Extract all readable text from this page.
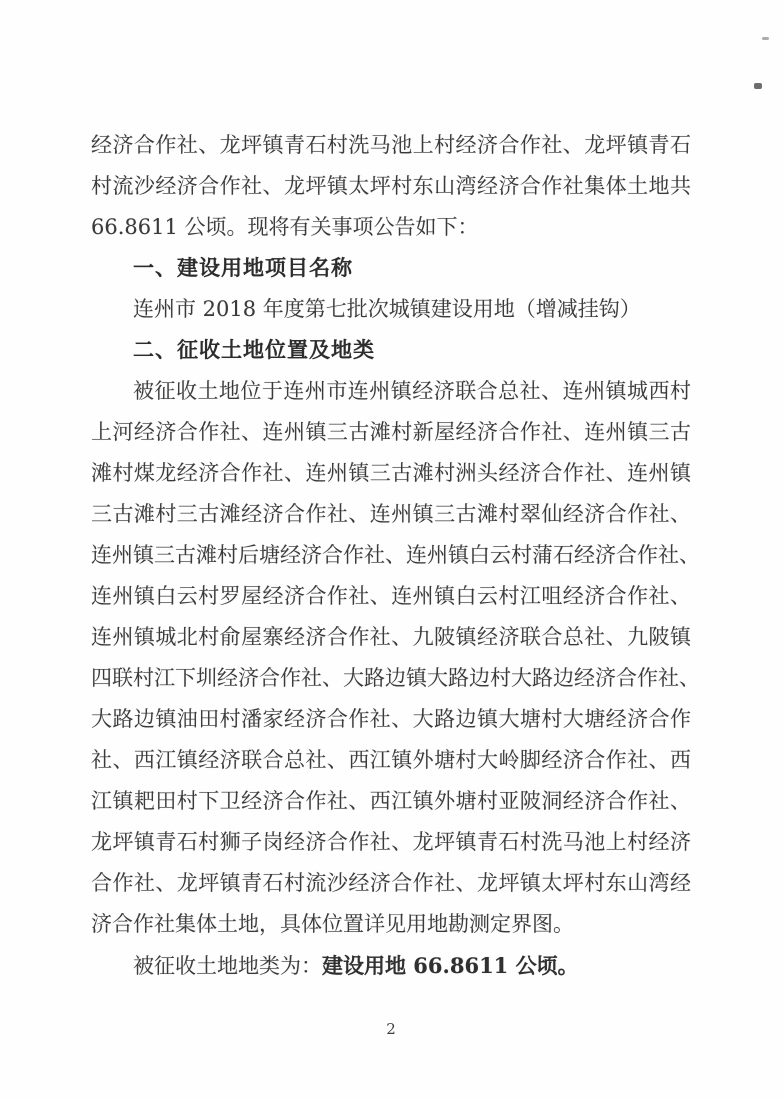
经济合作社、龙坪镇青石村洗马池上村经济合作社、龙坪镇青石
村流沙经济合作社、龙坪镇太坪村东山湾经济合作社集体土地共
66.8611 公顷。现将有关事项公告如下：
一、建设用地项目名称
连州市 2018 年度第七批次城镇建设用地（增减挂钩）
二、征收土地位置及地类
被征收土地位于连州市连州镇经济联合总社、连州镇城西村
上河经济合作社、连州镇三古滩村新屋经济合作社、连州镇三古
滩村煤龙经济合作社、连州镇三古滩村洲头经济合作社、连州镇
三古滩村三古滩经济合作社、连州镇三古滩村翠仙经济合作社、
连州镇三古滩村后塘经济合作社、连州镇白云村蒲石经济合作社、
连州镇白云村罗屋经济合作社、连州镇白云村江咀经济合作社、
连州镇城北村俞屋寨经济合作社、九陂镇经济联合总社、九陂镇
四联村江下圳经济合作社、大路边镇大路边村大路边经济合作社、
大路边镇油田村潘家经济合作社、大路边镇大塘村大塘经济合作
社、西江镇经济联合总社、西江镇外塘村大岭脚经济合作社、西
江镇耙田村下卫经济合作社、西江镇外塘村亚陂洞经济合作社、
龙坪镇青石村狮子岗经济合作社、龙坪镇青石村洗马池上村经济
合作社、龙坪镇青石村流沙经济合作社、龙坪镇太坪村东山湾经
济合作社集体土地，具体位置详见用地勘测定界图。
被征收土地地类为：建设用地 66.8611 公顷。
2
